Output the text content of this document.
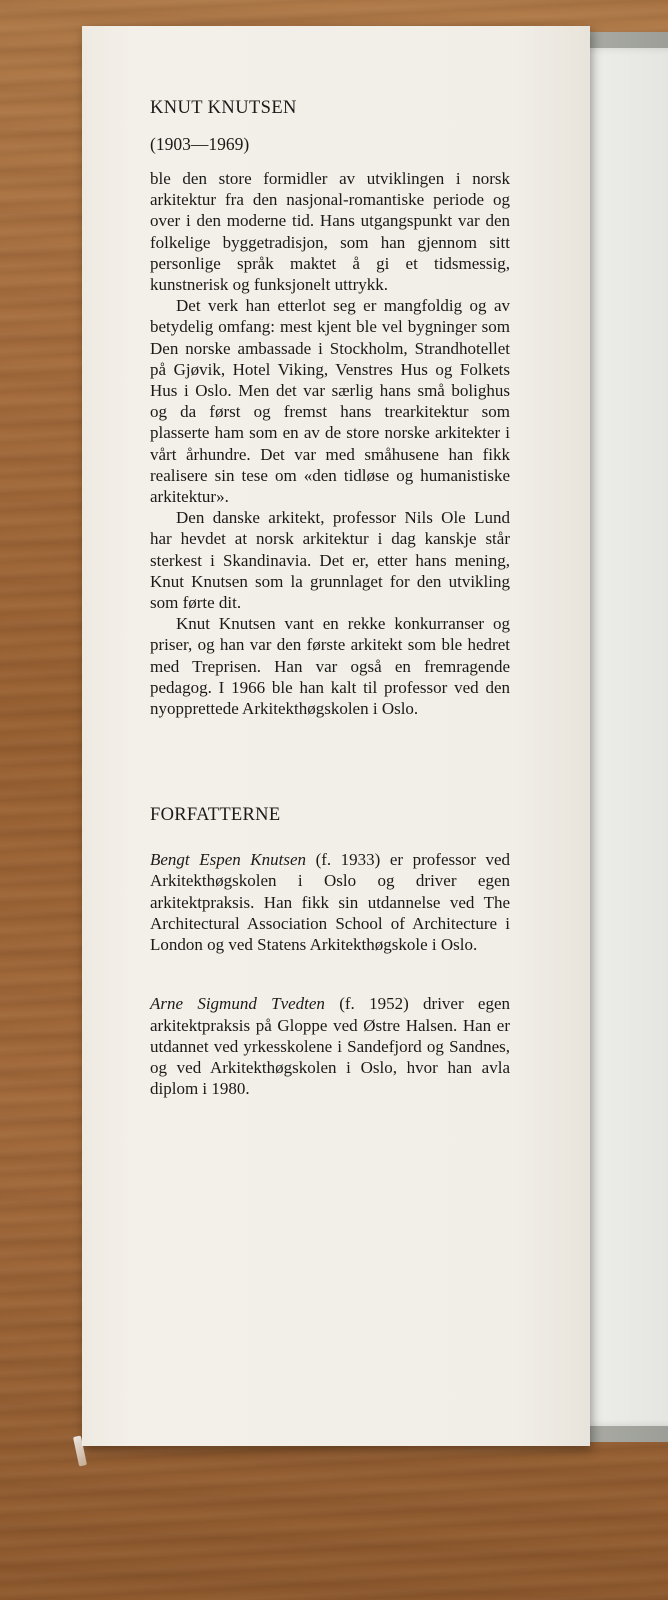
KNUT KNUTSEN

(1903—1969)

ble den store formidler av utviklingen i norsk arkitektur fra den nasjonal-romantiske periode og over i den moderne tid. Hans utgangspunkt var den folkelige byggetradisjon, som han gjennom sitt personlige språk maktet å gi et tidsmessig, kunstnerisk og funksjonelt uttrykk.

Det verk han etterlot seg er mangfoldig og av betydelig omfang: mest kjent ble vel bygninger som Den norske ambassade i Stockholm, Strandhotellet på Gjøvik, Hotel Viking, Venstres Hus og Folkets Hus i Oslo. Men det var særlig hans små bolighus og da først og fremst hans trearkitektur som plasserte ham som en av de store norske arkitekter i vårt århundre. Det var med småhusene han fikk realisere sin tese om «den tidløse og humanistiske arkitektur».

Den danske arkitekt, professor Nils Ole Lund har hevdet at norsk arkitektur i dag kanskje står sterkest i Skandinavia. Det er, etter hans mening, Knut Knutsen som la grunnlaget for den utvikling som førte dit.

Knut Knutsen vant en rekke konkurranser og priser, og han var den første arkitekt som ble hedret med Treprisen. Han var også en fremragende pedagog. I 1966 ble han kalt til professor ved den nyopprettede Arkitekthøgskolen i Oslo.

FORFATTERNE

Bengt Espen Knutsen (f. 1933) er professor ved Arkitekthøgskolen i Oslo og driver egen arkitektpraksis. Han fikk sin utdannelse ved The Architectural Association School of Architecture i London og ved Statens Arkitekthøgskole i Oslo.

Arne Sigmund Tvedten (f. 1952) driver egen arkitektpraksis på Gloppe ved Østre Halsen. Han er utdannet ved yrkesskolene i Sandefjord og Sandnes, og ved Arkitekthøgskolen i Oslo, hvor han avla diplom i 1980.
